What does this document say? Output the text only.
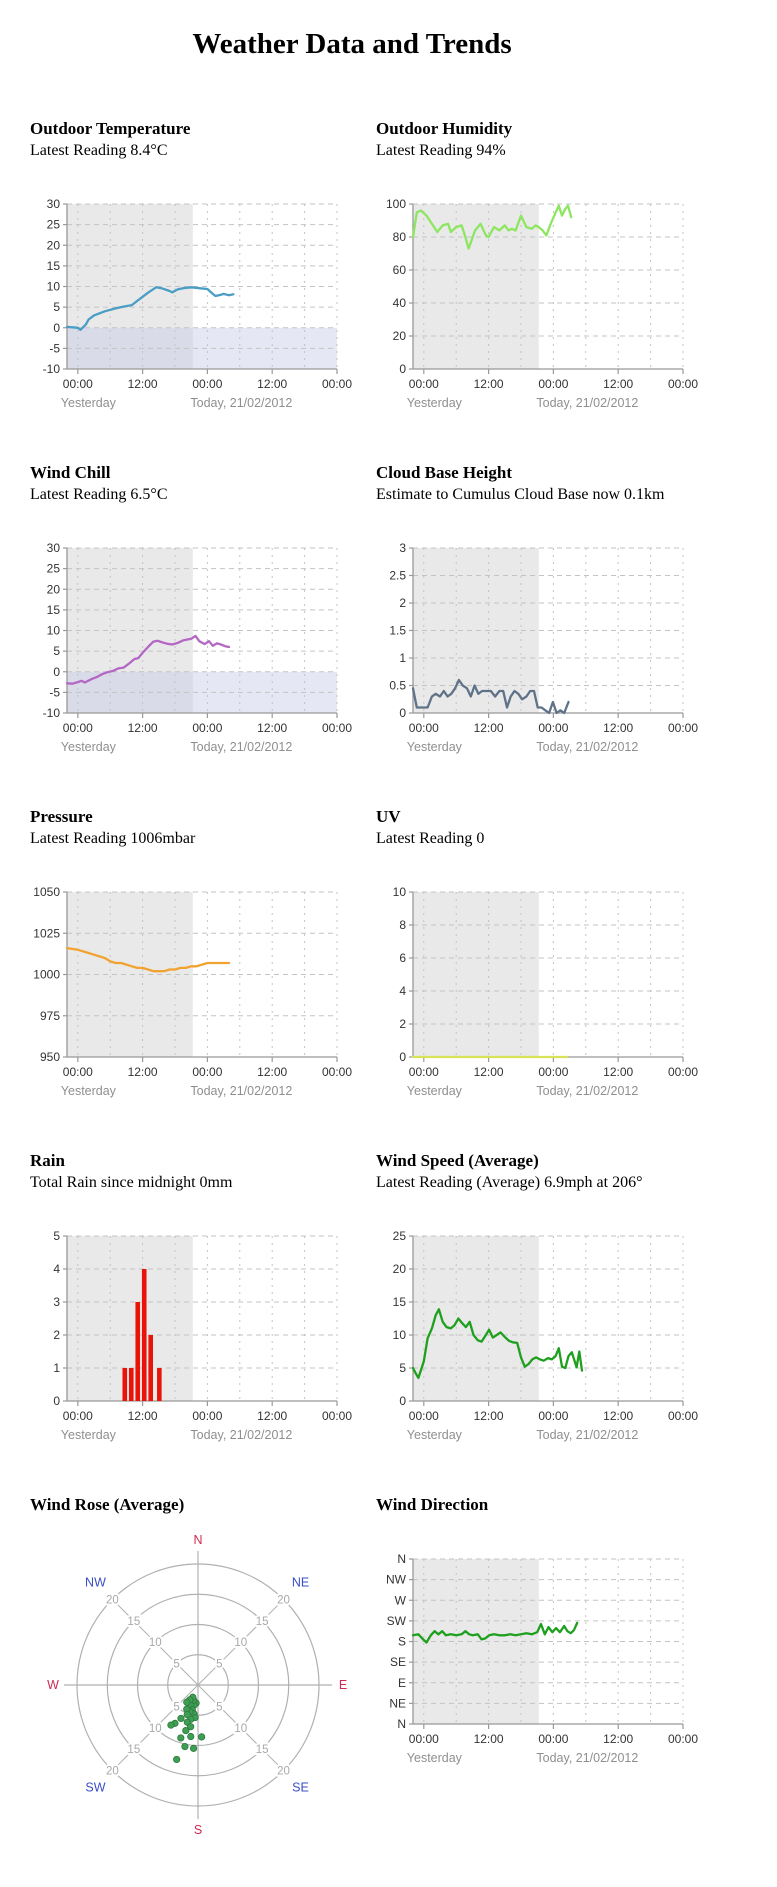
Weather Data and Trends
Outdoor Temperature

Latest Reading 8.4°C

30
25
20
15
10
5
0
-5
-10
00:00	12:00	00:00	12:00	00:00
Yesterday	Today, 21/02/2012
Outdoor Humidity

Latest Reading 94%

100
80
60
40
20
0
00:00	12:00	00:00	12:00	00:00
Yesterday	Today, 21/02/2012
Wind Chill

Latest Reading 6.5°C

30
25
20
15
10
5
0
-5
-10
00:00	12:00	00:00	12:00	00:00
Yesterday	Today, 21/02/2012
Cloud Base Height

Estimate to Cumulus Cloud Base now 0.1km

3
2.5
2
1.5
1
0.5
0
00:00	12:00	00:00	12:00	00:00
Yesterday	Today, 21/02/2012
Pressure

Latest Reading 1006mbar

1050
1025
1000
975
950
00:00	12:00	00:00	12:00	00:00
Yesterday	Today, 21/02/2012
UV

Latest Reading 0

10
8
6
4
2
0
00:00	12:00	00:00	12:00	00:00
Yesterday	Today, 21/02/2012
Rain

Total Rain since midnight 0mm

5
4
3
2
1
0
00:00	12:00	00:00	12:00	00:00
Yesterday	Today, 21/02/2012
Wind Speed (Average)

Latest Reading (Average) 6.9mph at 206°

25
20
15
10
5
0
00:00	12:00	00:00	12:00	00:00
Yesterday	Today, 21/02/2012
Wind Rose (Average)
5
5
5
5
10
10
10
10
15
15
15
15
20
20
20
20
N
NE
E
SE
S
SW
W
NW
Wind Direction
N
NW
W
SW
S
SE
E
NE
N
00:00	12:00	00:00	12:00	00:00
Yesterday	Today, 21/02/2012
